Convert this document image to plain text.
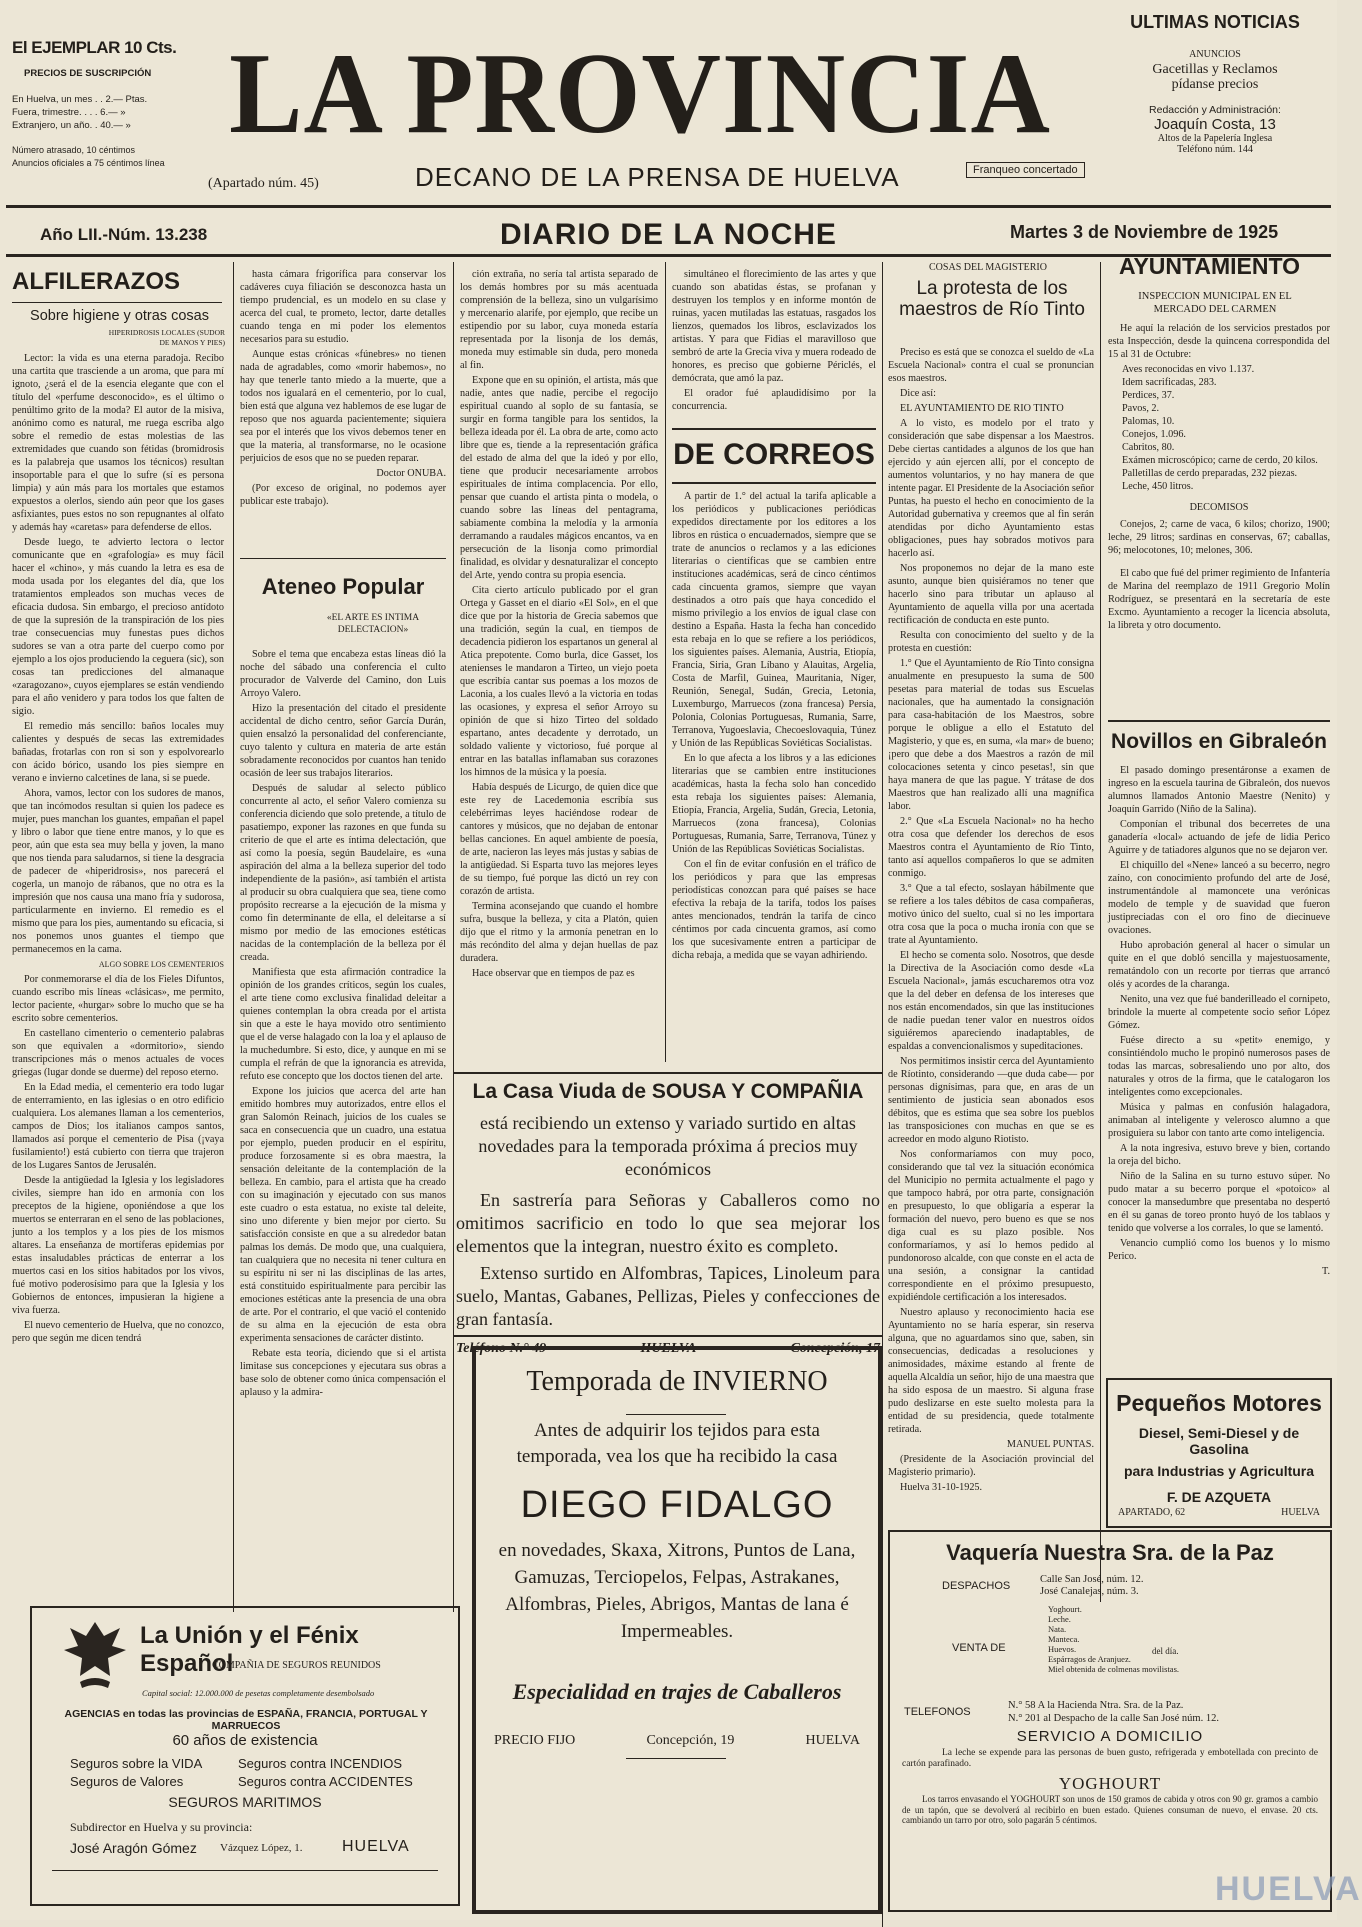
El EJEMPLAR 10 Cts.
PRECIOS DE SUSCRIPCIÓN
En Huelva, un mes . . 2.— Ptas.
Fuera, trimestre. . . . 6.— »
Extranjero, un año. . 40.— »
Número atrasado, 10 céntimos
Anuncios oficiales a 75 céntimos línea
LA PROVINCIA
(Apartado núm. 45)	DECANO DE LA PRENSA DE HUELVA	Franqueo concertado
ULTIMAS NOTICIAS
ANUNCIOS
Gacetillas y Reclamos
pídanse precios
Redacción y Administración:
Joaquín Costa, 13
Altos de la Papelería Inglesa
Teléfono núm. 144
Año LII.-Núm. 13.238	DIARIO DE LA NOCHE	Martes 3 de Noviembre de 1925
ALFILERAZOS
Sobre higiene y otras cosas
HIPERIDROSIS LOCALES (SUDOR DE MANOS Y PIES)

Lector: la vida es una eterna paradoja. Recibo una cartita que trasciende a un aroma, que para mí ignoto, ¿será el de la esencia elegante que con el título del «perfume desconocido», es el último o penúltimo grito de la moda? El autor de la misiva, anónimo como es natural, me ruega escriba algo sobre el remedio de estas molestias de las extremidades que cuando son fétidas (bromidrosis es la palabreja que usamos los técnicos) resultan insoportable para el que lo sufre (sí es persona limpia) y aún más para los mortales que estamos expuestos a olerlos, siendo aún peor que los gases asfixiantes, pues estos no son repugnantes al olfato y además hay «caretas» para defenderse de ellos.

Desde luego, te advierto lectora o lector comunicante que en «grafología» es muy fácil hacer el «chino», y más cuando la letra es esa de moda usada por los elegantes del día, que los tratamientos empleados son muchas veces de eficacia dudosa. Sin embargo, el precioso antídoto de que la supresión de la transpiración de los pies trae consecuencias muy funestas pues dichos sudores se van a otra parte del cuerpo como por ejemplo a los ojos produciendo la ceguera (sic), son cosas tan predicciones del almanaque «zaragozano», cuyos ejemplares se están vendiendo para el año venidero y para todos los que falten de sigio.

El remedio más sencillo: baños locales muy calientes y después de secas las extremidades bañadas, frotarlas con ron si son y espolvorearlo con ácido bórico, usando los pies siempre en verano e invierno calcetines de lana, si se puede.

Ahora, vamos, lector con los sudores de manos, que tan incómodos resultan si quien los padece es mujer, pues manchan los guantes, empañan el papel y libro o labor que tiene entre manos, y lo que es peor, aún que esta sea muy bella y joven, la mano que nos tienda para saludarnos, si tiene la desgracia de padecer de «hiperidrosis», nos parecerá el cogerla, un manojo de rábanos, que no otra es la impresión que nos causa una mano fría y sudorosa, particularmente en invierno. El remedio es el mismo que para los pies, aumentando su eficacia, si nos ponemos unos guantes el tiempo que permanecemos en la cama.

ALGO SOBRE LOS CEMENTERIOS

Por conmemorarse el día de los Fieles Difuntos, cuando escribo mis líneas «clásicas», me permito, lector paciente, «hurgar» sobre lo mucho que se ha escrito sobre cementerios.

En castellano cimenterio o cementerio palabras son que equivalen a «dormitorio», siendo transcripciones más o menos actuales de voces griegas (lugar donde se duerme) del reposo eterno.

En la Edad media, el cementerio era todo lugar de enterramiento, en las iglesias o en otro edificio cualquiera. Los alemanes llaman a los cementerios, campos de Dios; los italianos campos santos, llamados así porque el cementerio de Pisa (¡vaya fusilamiento!) está cubierto con tierra que trajeron de los Lugares Santos de Jerusalén.

Desde la antigüedad la Iglesia y los legisladores civiles, siempre han ido en armonía con los preceptos de la higiene, oponiéndose a que los muertos se enterraran en el seno de las poblaciones, junto a los templos y a los pies de los mismos altares. La enseñanza de mortíferas epidemias por estas insaludables prácticas de enterrar a los muertos casi en los sitios habitados por los vivos, fué motivo poderosísimo para que la Iglesia y los Gobiernos de entonces, impusieran la higiene a viva fuerza.

El nuevo cementerio de Huelva, que no conozco, pero que según me dicen tendrá

hasta cámara frigorífica para conservar los cadáveres cuya filiación se desconozca hasta un tiempo prudencial, es un modelo en su clase y acerca del cual, te prometo, lector, darte detalles cuando tenga en mi poder los elementos necesarios para su estudio.

Aunque estas crónicas «fúnebres» no tienen nada de agradables, como «morir habemos», no hay que tenerle tanto miedo a la muerte, que a todos nos igualará en el cementerio, por lo cual, bien está que alguna vez hablemos de ese lugar de reposo que nos aguarda pacientemente; siquiera sea por el interés que los vivos debemos tener en que la materia, al transformarse, no le ocasione perjuicios de esos que no se pueden reparar.

Doctor ONUBA.

(Por exceso de original, no podemos ayer publicar este trabajo).

Ateneo Popular
«EL ARTE ES INTIMA DELECTACION»

Sobre el tema que encabeza estas líneas dió la noche del sábado una conferencia el culto procurador de Valverde del Camino, don Luis Arroyo Valero.

Hizo la presentación del citado el presidente accidental de dicho centro, señor García Durán, quien ensalzó la personalidad del conferenciante, cuyo talento y cultura en materia de arte están sobradamente reconocidos por cuantos han tenido ocasión de leer sus trabajos literarios.

Después de saludar al selecto público concurrente al acto, el señor Valero comienza su conferencia diciendo que solo pretende, a título de pasatiempo, exponer las razones en que funda su criterio de que el arte es íntima delectación, que así como la poesía, según Baudelaire, es «una aspiración del alma a la belleza superior del todo independiente de la pasión», así también el artista al producir su obra cualquiera que sea, tiene como propósito recrearse a la ejecución de la misma y como fin determinante de ella, el deleitarse a sí mismo por medio de las emociones estéticas nacidas de la contemplación de la belleza por él creada.

Manifiesta que esta afirmación contradice la opinión de los grandes críticos, según los cuales, el arte tiene como exclusiva finalidad deleitar a quienes contemplan la obra creada por el artista sin que a este le haya movido otro sentimiento que el de verse halagado con la loa y el aplauso de la muchedumbre. Si esto, dice, y aunque en mi se cumpla el refrán de que la ignorancia es atrevida, refuto ese concepto que los doctos tienen del arte.

Expone los juicios que acerca del arte han emitido hombres muy autorizados, entre ellos el gran Salomón Reinach, juicios de los cuales se saca en consecuencia que un cuadro, una estatua por ejemplo, pueden producir en el espíritu, produce forzosamente si es obra maestra, la sensación deleitante de la contemplación de la belleza. En cambio, para el artista que ha creado con su imaginación y ejecutado con sus manos este cuadro o esta estatua, no existe tal deleite, sino uno diferente y bien mejor por cierto. Su satisfacción consiste en que a su alrededor batan palmas los demás. De modo que, una cualquiera, tan cualquiera que no necesita ni tener cultura en su espíritu ni ser ni las disciplinas de las artes, está constituido espiritualmente para percibir las emociones estéticas ante la presencia de una obra de arte. Por el contrario, el que vació el contenido de su alma en la ejecución de esta obra experimenta sensaciones de carácter distinto.

Rebate esta teoría, diciendo que si el artista limitase sus concepciones y ejecutara sus obras a base solo de obtener como única compensación el aplauso y la admira-

ción extraña, no sería tal artista separado de los demás hombres por su más acentuada comprensión de la belleza, sino un vulgarísimo y mercenario alarife, por ejemplo, que recibe un estipendio por su labor, cuya moneda estaría representada por la lisonja de los demás, moneda muy estimable sin duda, pero moneda al fin.

Expone que en su opinión, el artista, más que nadie, antes que nadie, percibe el regocijo espiritual cuando al soplo de su fantasía, se surgir en forma tangible para los sentidos, la belleza ideada por él. La obra de arte, como acto libre que es, tiende a la representación gráfica del estado de alma del que la ideó y por ello, tiene que producir necesariamente arrobos espirituales de íntima complacencia. Por ello, pensar que cuando el artista pinta o modela, o cuando sobre las líneas del pentagrama, sabiamente combina la melodía y la armonía derramando a raudales mágicos encantos, va en persecución de la lisonja como primordial finalidad, es olvidar y desnaturalizar el concepto del Arte, yendo contra su propia esencia.

Cita cierto artículo publicado por el gran Ortega y Gasset en el diario «El Sol», en el que dice que por la historia de Grecia sabemos que una tradición, según la cual, en tiempos de decadencia pidieron los espartanos un general al Atica prepotente. Como burla, dice Gasset, los atenienses le mandaron a Tirteo, un viejo poeta que escribía cantar sus poemas a los mozos de Laconia, a los cuales llevó a la victoria en todas las ocasiones, y expresa el señor Arroyo su opinión de que si hizo Tirteo del soldado espartano, antes decadente y derrotado, un soldado valiente y victorioso, fué porque al entrar en las batallas inflamaban sus corazones los himnos de la música y la poesía.

Había después de Licurgo, de quien dice que este rey de Lacedemonia escribía sus celebérrimas leyes haciéndose rodear de cantores y músicos, que no dejaban de entonar bellas canciones. En aquel ambiente de poesía, de arte, nacieron las leyes más justas y sabias de la antigüedad. Si Esparta tuvo las mejores leyes de su tiempo, fué porque las dictó un rey con corazón de artista.

Termina aconsejando que cuando el hombre sufra, busque la belleza, y cita a Platón, quien dijo que el ritmo y la armonía penetran en lo más recóndito del alma y dejan huellas de paz duradera.

Hace observar que en tiempos de paz es

simultáneo el florecimiento de las artes y que cuando son abatidas éstas, se profanan y destruyen los templos y en informe montón de ruinas, yacen mutiladas las estatuas, rasgados los lienzos, quemados los libros, esclavizados los artistas. Y para que Fidias el maravilloso que sembró de arte la Grecia viva y muera rodeado de honores, es preciso que gobierne Périclés, el demócrata, que amó la paz.

El orador fué aplaudidísimo por la concurrencia.

DE CORREOS

A partir de 1.° del actual la tarifa aplicable a los periódicos y publicaciones periódicas expedidos directamente por los editores a los libros en rústica o encuadernados, siempre que se trate de anuncios o reclamos y a las ediciones literarias o científicas que se cambien entre instituciones académicas, será de cinco céntimos cada cincuenta gramos, siempre que vayan destinados a otro país que haya concedido el mismo privilegio a los envíos de igual clase con destino a España. Hasta la fecha han concedido esta rebaja en lo que se refiere a los periódicos, los siguientes países. Alemania, Austria, Etiopía, Francia, Siria, Gran Líbano y Alauitas, Argelia, Costa de Marfil, Guinea, Mauritania, Níger, Reunión, Senegal, Sudán, Grecia, Letonia, Luxemburgo, Marruecos (zona francesa) Persia, Polonia, Colonias Portuguesas, Rumania, Sarre, Terranova, Yugoeslavia, Checoeslovaquia, Túnez y Unión de las Repúblicas Soviéticas Socialistas.

En lo que afecta a los libros y a las ediciones literarias que se cambien entre instituciones académicas, hasta la fecha solo han concedido esta rebaja los siguientes países: Alemania, Etiopía, Francia, Argelia, Sudán, Grecia, Letonia, Marruecos (zona francesa), Colonias Portuguesas, Rumania, Sarre, Terranova, Túnez y Unión de las Repúblicas Soviéticas Socialistas.

Con el fin de evitar confusión en el tráfico de los periódicos y para que las empresas periodísticas conozcan para qué países se hace efectiva la rebaja de la tarifa, todos los países antes mencionados, tendrán la tarifa de cinco céntimos por cada cincuenta gramos, así como los que sucesivamente entren a participar de dicha rebaja, a medida que se vayan adhiriendo.

COSAS DEL MAGISTERIO
La protesta de los maestros de Río Tinto

Preciso es está que se conozca el sueldo de «La Escuela Nacional» contra el cual se pronuncian esos maestros.

Dice así:

EL AYUNTAMIENTO DE RIO TINTO

A lo visto, es modelo por el trato y consideración que sabe dispensar a los Maestros. Debe ciertas cantidades a algunos de los que han ejercido y aún ejercen allí, por el concepto de aumentos voluntarios, y no hay manera de que intente pagar. El Presidente de la Asociación señor Puntas, ha puesto el hecho en conocimiento de la Autoridad gubernativa y creemos que al fin serán atendidas por dicho Ayuntamiento estas obligaciones, pues hay sobrados motivos para hacerlo así.

Nos proponemos no dejar de la mano este asunto, aunque bien quisiéramos no tener que hacerlo sino para tributar un aplauso al Ayuntamiento de aquella villa por una acertada rectificación de conducta en este punto.

Resulta con conocimiento del suelto y de la protesta en cuestión:

1.° Que el Ayuntamiento de Río Tinto consigna anualmente en presupuesto la suma de 500 pesetas para material de todas sus Escuelas nacionales, que ha aumentado la consignación para casa-habitación de los Maestros, sobre porque le obligue a ello el Estatuto del Magisterio, y que es, en suma, «la mar» de bueno; ¡pero que debe a dos Maestros a razón de mil colocaciones setenta y cinco pesetas!, sin que haya manera de que las pague. Y trátase de dos Maestros que han realizado allí una magnífica labor.

2.° Que «La Escuela Nacional» no ha hecho otra cosa que defender los derechos de esos Maestros contra el Ayuntamiento de Río Tinto, tanto así aquellos compañeros lo que se admiten conmigo.

3.° Que a tal efecto, soslayan hábilmente que se refiere a los tales débitos de casa compañeras, motivo único del suelto, cual si no les importara otra cosa que la poca o mucha ironía con que se trate al Ayuntamiento.

El hecho se comenta solo. Nosotros, que desde la Directiva de la Asociación como desde «La Escuela Nacional», jamás escucharemos otra voz que la del deber en defensa de los intereses que nos están encomendados, sin que las instituciones de nadie puedan tener valor en nuestros oídos siguiéremos apareciendo inadaptables, de espaldas a convencionalismos y supeditaciones.

Nos permitimos insistir cerca del Ayuntamiento de Ríotinto, considerando —que duda cabe— por personas dignísimas, para que, en aras de un sentimiento de justicia sean abonados esos débitos, que es estima que sea sobre los pueblos las transposiciones con muchas en que se es acreedor en modo alguno Riotisto.

Nos conformaríamos con muy poco, considerando que tal vez la situación económica del Municipio no permita actualmente el pago y que tampoco habrá, por otra parte, consignación en presupuesto, lo que obligaría a esperar la formación del nuevo, pero bueno es que se nos diga cual es su plazo posible. Nos conformaríamos, y así lo hemos pedido al pundonoroso alcalde, con que conste en el acta de una sesión, a consignar la cantidad correspondiente en el próximo presupuesto, expidiéndole certificación a los interesados.

Nuestro aplauso y reconocimiento hacia ese Ayuntamiento no se haría esperar, sin reserva alguna, que no aguardamos sino que, saben, sin consecuencias, dedicadas a resoluciones y animosidades, máxime estando al frente de aquella Alcaldía un señor, hijo de una maestra que ha sido esposa de un maestro. Si alguna frase pudo deslizarse en este suelto molesta para la entidad de su presidencia, quede totalmente retirada.

MANUEL PUNTAS.

(Presidente de la Asociación provincial del Magisterio primario).

Huelva 31-10-1925.

AYUNTAMIENTO
INSPECCION MUNICIPAL EN EL MERCADO DEL CARMEN

He aquí la relación de los servicios prestados por esta Inspección, desde la quincena correspondida del 15 al 31 de Octubre:

Aves reconocidas en vivo 1.137.
Idem sacrificadas, 283.
Perdices, 37.
Pavos, 2.
Palomas, 10.
Conejos, 1.096.
Cabritos, 80.
Exámen microscópico; carne de cerdo, 20 kilos.
Palletillas de cerdo preparadas, 232 piezas.
Leche, 450 litros.
DECOMISOS

Conejos, 2; carne de vaca, 6 kilos; chorizo, 1900; leche, 29 litros; sardinas en conservas, 67; caballas, 96; melocotones, 10; melones, 306.

El cabo que fué del primer regimiento de Infantería de Marina del reemplazo de 1911 Gregorio Molín Rodríguez, se presentará en la secretaría de este Excmo. Ayuntamiento a recoger la licencia absoluta, la libreta y otro documento.

Novillos en Gibraleón

El pasado domingo presentáronse a examen de ingreso en la escuela taurina de Gibraleón, dos nuevos alumnos llamados Antonio Maestre (Nenito) y Joaquín Garrido (Niño de la Salina).

Componían el tribunal dos becerretes de una ganadería «local» actuando de jefe de lidia Perico Aguirre y de tatiadores algunos que no se dejaron ver.

El chiquillo del «Nene» lanceó a su becerro, negro zaíno, con conocimiento profundo del arte de José, instrumentándole al mamoncete una verónicas modelo de temple y de suavidad que fueron justipreciadas con el oro fino de diecinueve ovaciones.

Hubo aprobación general al hacer o simular un quite en el que dobló sencilla y majestuosamente, rematándolo con un recorte por tierras que arrancó olés y acordes de la charanga.

Nenito, una vez que fué banderilleado el cornipeto, brindole la muerte al competente socio señor López Gómez.

Fuése directo a su «petit» enemigo, y consintiéndolo mucho le propinó numerosos pases de todas las marcas, sobresaliendo uno por alto, dos naturales y otros de la firma, que le catalogaron los inteligentes como excepcionales.

Música y palmas en confusión halagadora, animaban al inteligente y velerosco alumno a que prosiguiera su labor con tanto arte como inteligencia.

A la nota ingresiva, estuvo breve y bien, cortando la oreja del bicho.

Niño de la Salina en su turno estuvo súper. No pudo matar a su becerro porque el «potoico» al conocer la mansedumbre que presentaba no despertó en él su ganas de toreo pronto huyó de los tablaos y tenido que volverse a los corrales, lo que se lamentó.

Venancio cumplió como los buenos y lo mismo Perico.

T.

Pequeños Motores
Diesel, Semi-Diesel y de Gasolina
para Industrias y Agricultura
F. DE AZQUETA
APARTADO, 62	HUELVA
La Casa Viuda de SOUSA Y COMPAÑIA
está recibiendo un extenso y variado surtido en altas novedades para la temporada próxima á precios muy económicos
En sastrería para Señoras y Caballeros como no omitimos sacrificio en todo lo que sea mejorar los elementos que la integran, nuestro éxito es completo.
Extenso surtido en Alfombras, Tapices, Linoleum para suelo, Mantas, Gabanes, Pellizas, Pieles y confecciones de gran fantasía.
Teléfono N.° 49	HUELVA	Concepción, 17
Temporada de INVIERNO
Antes de adquirir los tejidos para esta temporada, vea los que ha recibido la casa
DIEGO FIDALGO
en novedades, Skaxa, Xitrons, Puntos de Lana, Gamuzas, Terciopelos, Felpas, Astrakanes, Alfombras, Pieles, Abrigos, Mantas de lana é Impermeables.
Especialidad en trajes de Caballeros
PRECIO FIJO	Concepción, 19	HUELVA
La Unión y el Fénix Español
COMPAÑIA DE SEGUROS REUNIDOS
Capital social: 12.000.000 de pesetas completamente desembolsado
AGENCIAS en todas las provincias de ESPAÑA, FRANCIA, PORTUGAL Y MARRUECOS
60 años de existencia
Seguros sobre la VIDA	Seguros contra INCENDIOS
Seguros de Valores	Seguros contra ACCIDENTES
SEGUROS MARITIMOS
Subdirector en Huelva y su provincia:
José Aragón Gómez Vázquez López, 1. HUELVA
Vaquería Nuestra Sra. de la Paz
DESPACHOS
Calle San José, núm. 12.
José Canalejas, núm. 3.
VENTA DE
Yoghourt.
Leche.
Nata.
Manteca.
Huevos.
Espárragos de Aranjuez.
Miel obtenida de colmenas movilistas.
del día.
TELEFONOS
N.° 58 A la Hacienda Ntra. Sra. de la Paz.
N.° 201 al Despacho de la calle San José núm. 12.
SERVICIO A DOMICILIO
La leche se expende para las personas de buen gusto, refrigerada y embotellada con precinto de cartón parafinado.
YOGHOURT
Los tarros envasando el YOGHOURT son unos de 150 gramos de cabida y otros con 90 gr. gramos a cambio de un tapón, que se devolverá al recibirlo en buen estado. Quienes consuman de nuevo, el envase. 20 cts. cambiando un tarro por otro, solo pagarán 5 céntimos.
HUELVA
